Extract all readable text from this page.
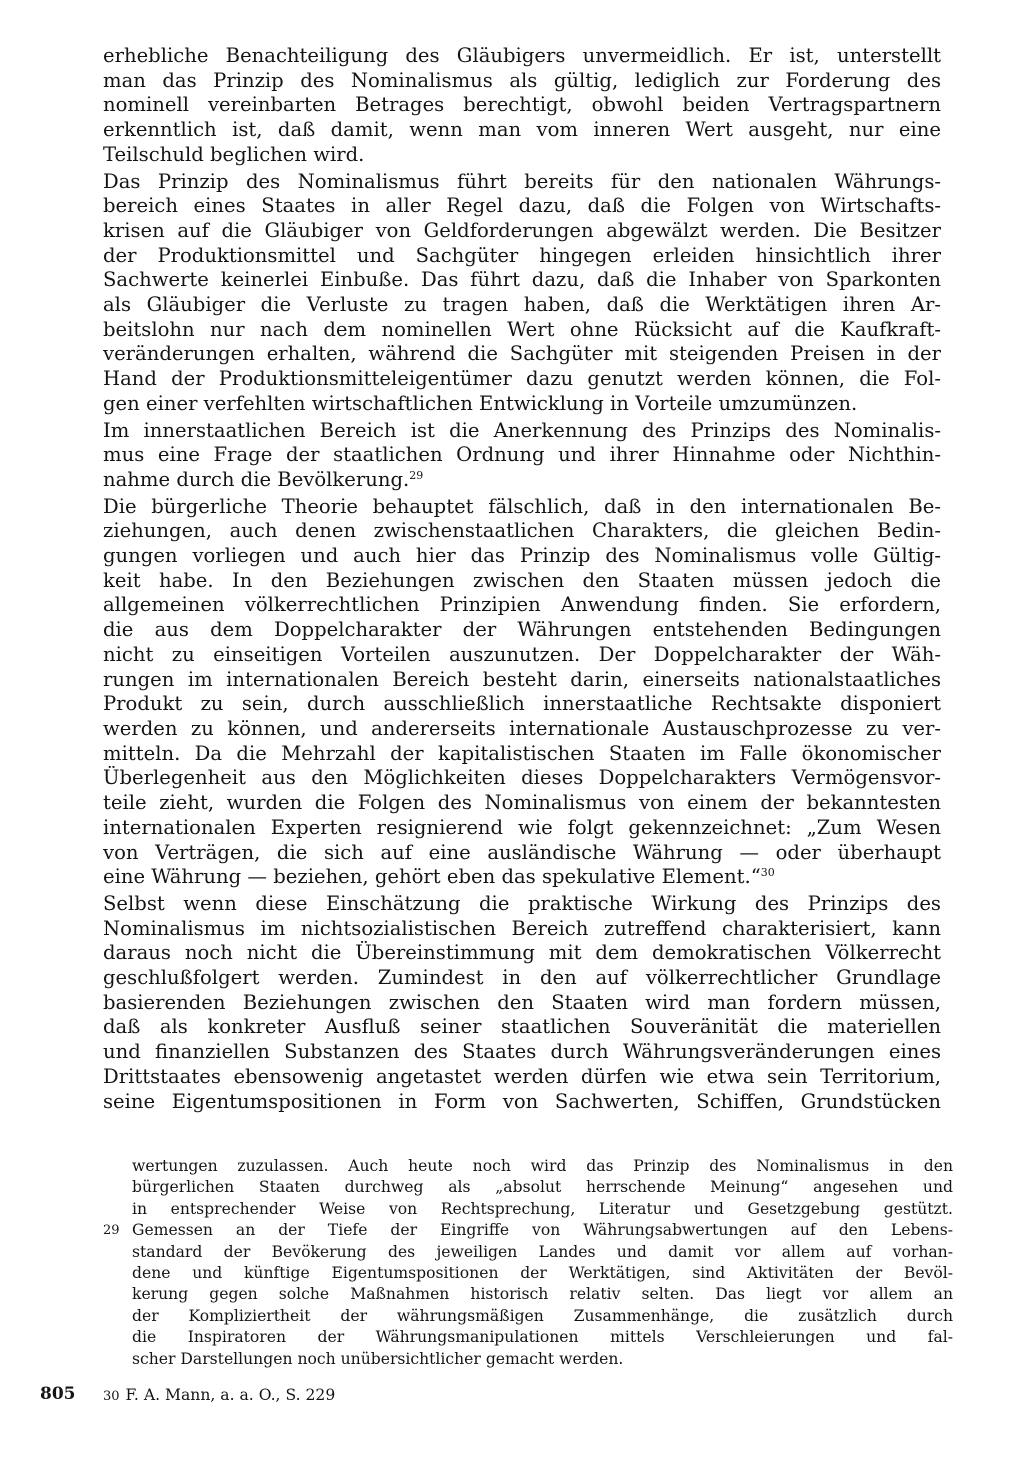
erhebliche Benachteiligung des Gläubigers unvermeidlich. Er ist, unterstellt
man das Prinzip des Nominalismus als gültig, lediglich zur Forderung des
nominell vereinbarten Betrages berechtigt, obwohl beiden Vertragspartnern
erkenntlich ist, daß damit, wenn man vom inneren Wert ausgeht, nur eine
Teilschuld beglichen wird.

Das Prinzip des Nominalismus führt bereits für den nationalen Währungs-
bereich eines Staates in aller Regel dazu, daß die Folgen von Wirtschafts-
krisen auf die Gläubiger von Geldforderungen abgewälzt werden. Die Besitzer
der Produktionsmittel und Sachgüter hingegen erleiden hinsichtlich ihrer
Sachwerte keinerlei Einbuße. Das führt dazu, daß die Inhaber von Sparkonten
als Gläubiger die Verluste zu tragen haben, daß die Werktätigen ihren Ar-
beitslohn nur nach dem nominellen Wert ohne Rücksicht auf die Kaufkraft-
veränderungen erhalten, während die Sachgüter mit steigenden Preisen in der
Hand der Produktionsmitteleigentümer dazu genutzt werden können, die Fol-
gen einer verfehlten wirtschaftlichen Entwicklung in Vorteile umzumünzen.

Im innerstaatlichen Bereich ist die Anerkennung des Prinzips des Nominalis-
mus eine Frage der staatlichen Ordnung und ihrer Hinnahme oder Nichthin-
nahme durch die Bevölkerung.$^{29}$

Die bürgerliche Theorie behauptet fälschlich, daß in den internationalen Be-
ziehungen, auch denen zwischenstaatlichen Charakters, die gleichen Bedin-
gungen vorliegen und auch hier das Prinzip des Nominalismus volle Gültig-
keit habe. In den Beziehungen zwischen den Staaten müssen jedoch die
allgemeinen völkerrechtlichen Prinzipien Anwendung finden. Sie erfordern,
die aus dem Doppelcharakter der Währungen entstehenden Bedingungen
nicht zu einseitigen Vorteilen auszunutzen. Der Doppelcharakter der Wäh-
rungen im internationalen Bereich besteht darin, einerseits nationalstaatliches
Produkt zu sein, durch ausschließlich innerstaatliche Rechtsakte disponiert
werden zu können, und andererseits internationale Austauschprozesse zu ver-
mitteln. Da die Mehrzahl der kapitalistischen Staaten im Falle ökonomischer
Überlegenheit aus den Möglichkeiten dieses Doppelcharakters Vermögensvor-
teile zieht, wurden die Folgen des Nominalismus von einem der bekanntesten
internationalen Experten resignierend wie folgt gekennzeichnet: „Zum Wesen
von Verträgen, die sich auf eine ausländische Währung — oder überhaupt
eine Währung — beziehen, gehört eben das spekulative Element.“$^{30}$

Selbst wenn diese Einschätzung die praktische Wirkung des Prinzips des
Nominalismus im nichtsozialistischen Bereich zutreffend charakterisiert, kann
daraus noch nicht die Übereinstimmung mit dem demokratischen Völkerrecht
geschlußfolgert werden. Zumindest in den auf völkerrechtlicher Grundlage
basierenden Beziehungen zwischen den Staaten wird man fordern müssen,
daß als konkreter Ausfluß seiner staatlichen Souveränität die materiellen
und finanziellen Substanzen des Staates durch Währungsveränderungen eines
Drittstaates ebensowenig angetastet werden dürfen wie etwa sein Territorium,
seine Eigentumspositionen in Form von Sachwerten, Schiffen, Grundstücken

wertungen zuzulassen. Auch heute noch wird das Prinzip des Nominalismus in den
bürgerlichen Staaten durchweg als „absolut herrschende Meinung“ angesehen und
in entsprechender Weise von Rechtsprechung, Literatur und Gesetzgebung gestützt.
29 Gemessen an der Tiefe der Eingriffe von Währungsabwertungen auf den Lebens-
standard der Bevökerung des jeweiligen Landes und damit vor allem auf vorhan-
dene und künftige Eigentumspositionen der Werktätigen, sind Aktivitäten der Bevöl-
kerung gegen solche Maßnahmen historisch relativ selten. Das liegt vor allem an
der Kompliziertheit der währungsmäßigen Zusammenhänge, die zusätzlich durch
die Inspiratoren der Währungsmanipulationen mittels Verschleierungen und fal-
scher Darstellungen noch unübersichtlicher gemacht werden.
805 30 F. A. Mann, a. a. O., S. 229
